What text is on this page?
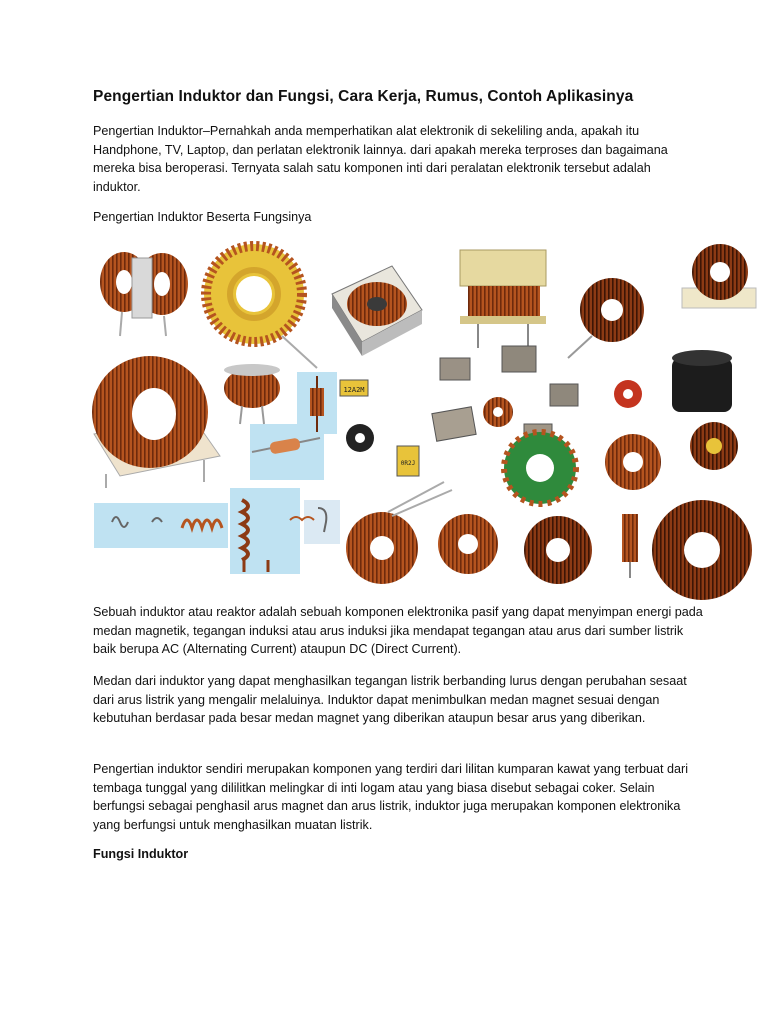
Pengertian Induktor dan Fungsi, Cara Kerja, Rumus, Contoh Aplikasinya

Pengertian Induktor–Pernahkah anda memperhatikan alat elektronik di sekeliling anda, apakah itu Handphone, TV, Laptop, dan perlatan elektronik lainnya. dari apakah mereka terproses dan bagaimana mereka bisa beroperasi. Ternyata salah satu komponen inti dari peralatan elektronik tersebut adalah induktor.

Pengertian Induktor Beserta Fungsinya

12A2M
0R2J

Sebuah induktor atau reaktor adalah sebuah komponen elektronika pasif yang dapat menyimpan energi pada medan magnetik, tegangan induksi atau arus induksi jika mendapat tegangan atau arus dari sumber listrik baik berupa AC (Alternating Current) ataupun DC (Direct Current).

Medan dari induktor yang dapat menghasilkan tegangan listrik berbanding lurus dengan perubahan sesaat dari arus listrik yang mengalir melaluinya. Induktor dapat menimbulkan medan magnet sesuai dengan kebutuhan berdasar pada besar medan magnet yang diberikan ataupun besar arus yang diberikan.

Pengertian induktor sendiri merupakan komponen yang terdiri dari lilitan kumparan kawat yang terbuat dari tembaga tunggal yang dililitkan melingkar di inti logam atau yang biasa disebut sebagai coker. Selain berfungsi sebagai penghasil arus magnet dan arus listrik, induktor juga merupakan komponen elektronika yang berfungsi untuk menghasilkan muatan listrik.

Fungsi Induktor
